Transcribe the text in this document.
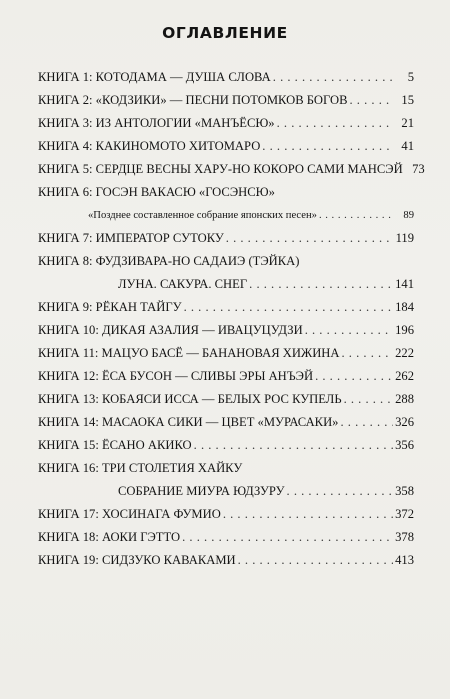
ОГЛАВЛЕНИЕ
КНИГА 1: КОТОДАМА — ДУША СЛОВА . . .	5
КНИГА 2: «КОДЗИКИ» — ПЕСНИ ПОТОМКОВ БОГОВ . . .	15
КНИГА 3: ИЗ АНТОЛОГИИ «МАНЪЁСЮ» . . .	21
КНИГА 4: КАКИНОМОТО ХИТОМАРО . . .	41
КНИГА 5: СЕРДЦЕ ВЕСНЫ ХАРУ-НО КОКОРО САМИ МАНСЭЙ 73
КНИГА 6: ГОСЭН ВАКАСЮ «ГОСЭНСЮ»
«Позднее составленное собрание японских песен» . . .	89
КНИГА 7: ИМПЕРАТОР СУТОКУ . . .	119
КНИГА 8: ФУДЗИВАРА-НО САДАИЭ (ТЭЙКА)
ЛУНА. САКУРА. СНЕГ . . .	141
КНИГА 9: РЁКАН ТАЙГУ . . .	184
КНИГА 10: ДИКАЯ АЗАЛИЯ — ИВАЦУЦУДЗИ . . .	196
КНИГА 11: МАЦУО БАСЁ — БАНАНОВАЯ ХИЖИНА . . .	222
КНИГА 12: ЁСА БУСОН — СЛИВЫ ЭРЫ АНЪЭЙ . . .	262
КНИГА 13: КОБАЯСИ ИССА — БЕЛЫХ РОС КУПЕЛЬ . . .	288
КНИГА 14: МАСАОКА СИКИ — ЦВЕТ «МУРАСАКИ» . . .	326
КНИГА 15: ЁСАНО АКИКО . . .	356
КНИГА 16: ТРИ СТОЛЕТИЯ ХАЙКУ
СОБРАНИЕ МИУРА ЮДЗУРУ . . .	358
КНИГА 17: ХОСИНАГА ФУМИО . . .	372
КНИГА 18: АОКИ ГЭТТО . . .	378
КНИГА 19: СИДЗУКО КАВАКАМИ . . .	413
